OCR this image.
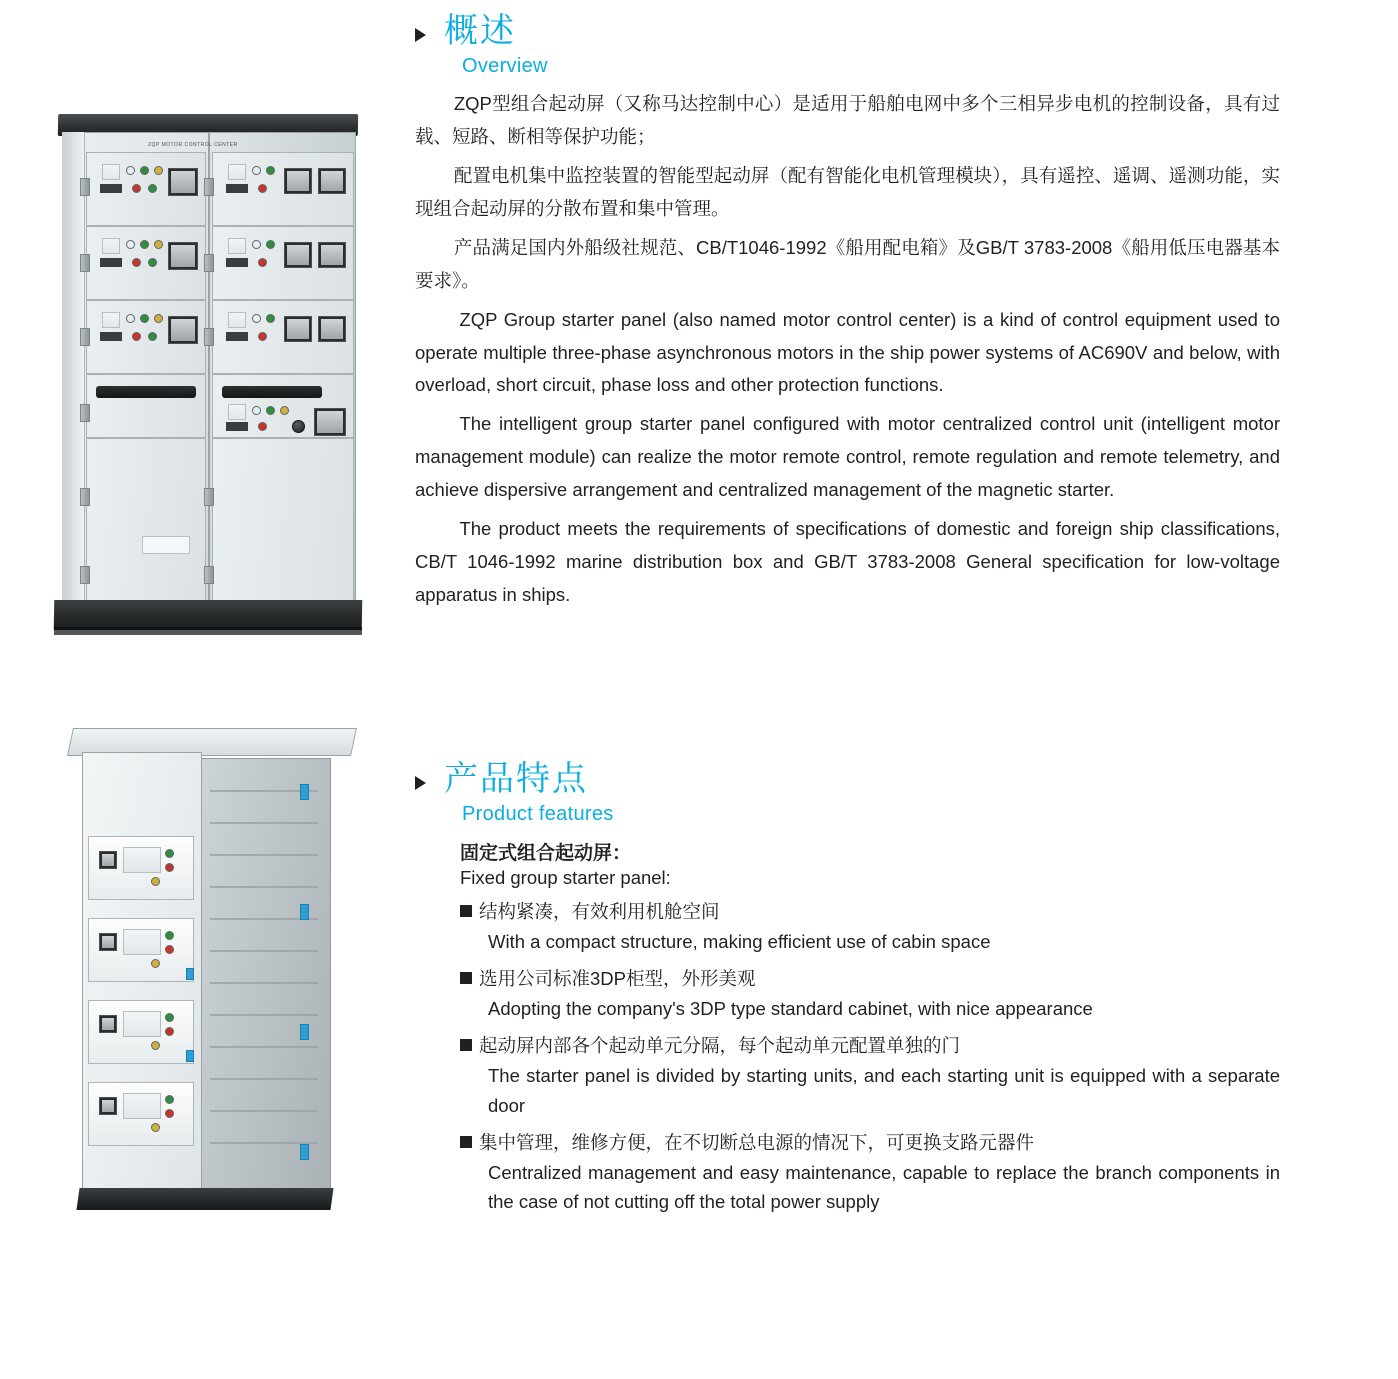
ZQP MOTOR CONTROL CENTER
概述
Overview

ZQP型组合起动屏（又称马达控制中心）是适用于船舶电网中多个三相异步电机的控制设备，具有过载、短路、断相等保护功能；

配置电机集中监控装置的智能型起动屏（配有智能化电机管理模块），具有遥控、遥调、遥测功能，实现组合起动屏的分散布置和集中管理。

产品满足国内外船级社规范、CB/T1046-1992《船用配电箱》及GB/T 3783-2008《船用低压电器基本要求》。

ZQP Group starter panel (also named motor control center) is a kind of control equipment used to operate multiple three-phase asynchronous motors in the ship power systems of AC690V and below, with overload, short circuit, phase loss and other protection functions.

The intelligent group starter panel configured with motor centralized control unit (intelligent motor management module) can realize the motor remote control, remote regulation and remote telemetry, and achieve dispersive arrangement and centralized management of the magnetic starter.

The product meets the requirements of specifications of domestic and foreign ship classifications, CB/T 1046-1992 marine distribution box and GB/T 3783-2008 General specification for low-voltage apparatus in ships.

产品特点
Product features
固定式组合起动屏：
Fixed group starter panel:
结构紧凑，有效利用机舱空间
With a compact structure, making efficient use of cabin space
选用公司标准3DP柜型，外形美观
Adopting the company's 3DP type standard cabinet, with nice appearance
起动屏内部各个起动单元分隔，每个起动单元配置单独的门
The starter panel is divided by starting units, and each starting unit is equipped with a separate door
集中管理，维修方便，在不切断总电源的情况下，可更换支路元器件
Centralized management and easy maintenance, capable to replace the branch components in the case of not cutting off the total power supply
